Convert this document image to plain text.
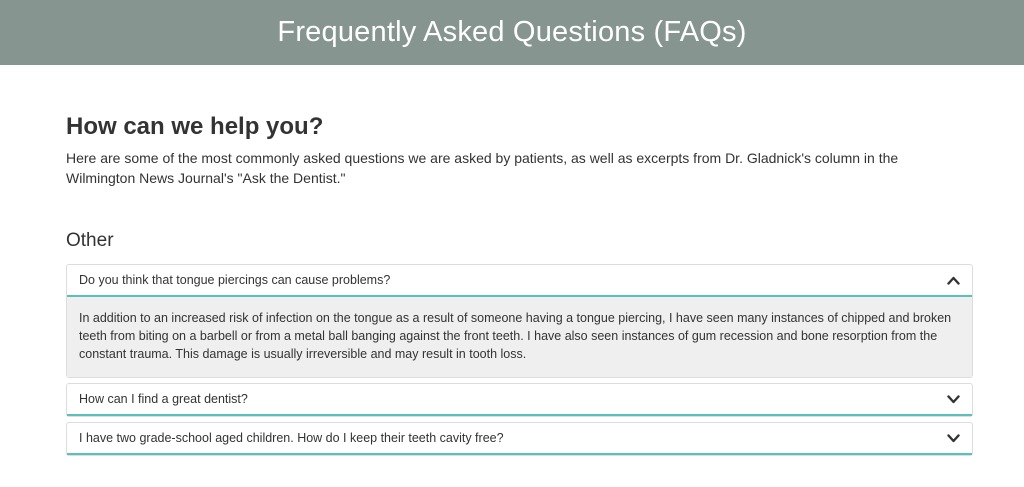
Frequently Asked Questions (FAQs)
How can we help you?

Here are some of the most commonly asked questions we are asked by patients, as well as excerpts from Dr. Gladnick's column in the Wilmington News Journal's "Ask the Dentist."

Other
Do you think that tongue piercings can cause problems?
In addition to an increased risk of infection on the tongue as a result of someone having a tongue piercing, I have seen many instances of chipped and broken teeth from biting on a barbell or from a metal ball banging against the front teeth. I have also seen instances of gum recession and bone resorption from the constant trauma. This damage is usually irreversible and may result in tooth loss.
How can I find a great dentist?
I have two grade-school aged children. How do I keep their teeth cavity free?
